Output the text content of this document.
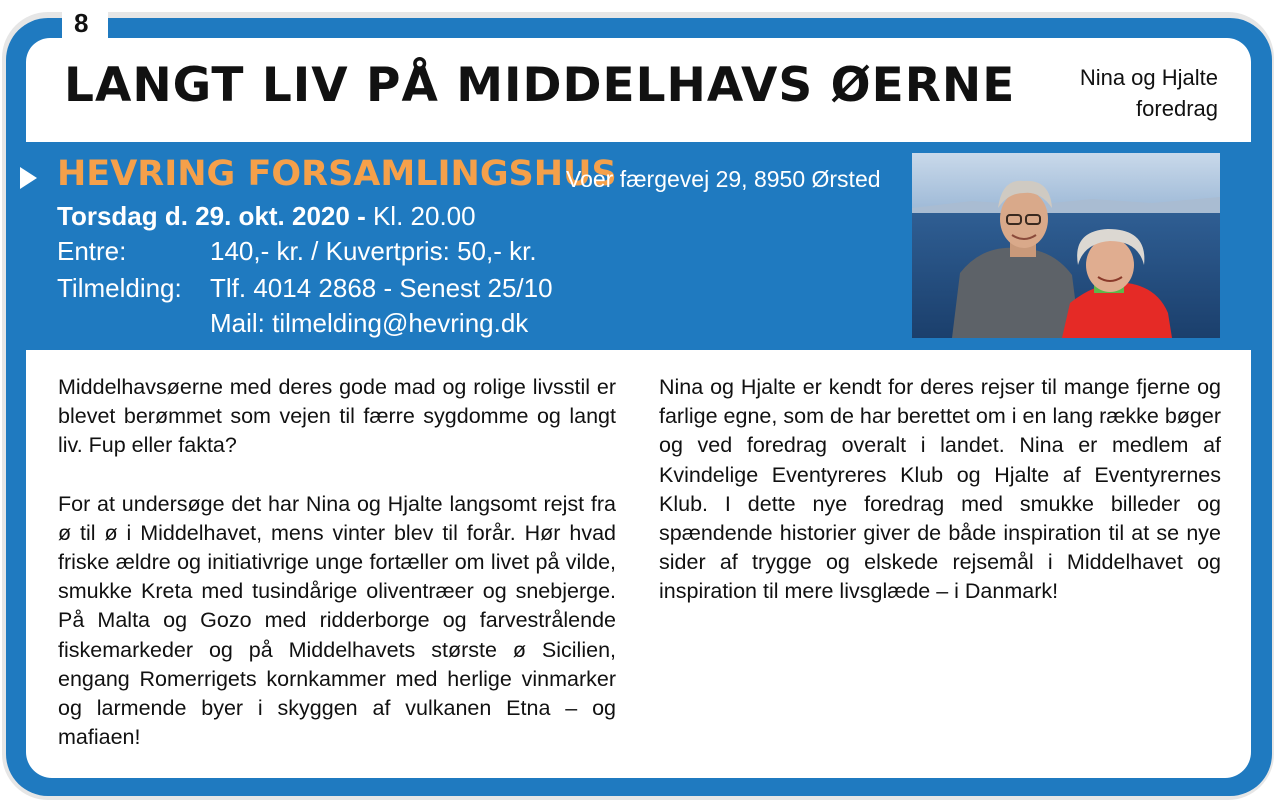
8
LANGT LIV PÅ MIDDELHAVS ØERNE	Nina og Hjalte
foredrag
HEVRING FORSAMLINGSHUS
Voer færgevej 29, 8950 Ørsted
Torsdag d. 29. okt. 2020 - Kl. 20.00
Entre:	140,- kr. / Kuvertpris: 50,- kr.
Tilmelding: Tlf. 4014 2868 - Senest 25/10
Mail: tilmelding@hevring.dk

Middelhavsøerne med deres gode mad og rolige livsstil er blevet berømmet som vejen til færre sygdomme og langt liv. Fup eller fakta?

For at undersøge det har Nina og Hjalte langsomt rejst fra ø til ø i Middelhavet, mens vinter blev til forår. Hør hvad friske ældre og initiativrige unge fortæller om livet på vilde, smukke Kreta med tusindårige oliventræer og snebjerge. På Malta og Gozo med ridderborge og farvestrålende fiskemarkeder og på Middelhavets største ø Sicilien, engang Romerrigets kornkammer med herlige vinmarker og larmende byer i skyggen af vulkanen Etna – og mafiaen!

Nina og Hjalte er kendt for deres rejser til mange fjerne og farlige egne, som de har berettet om i en lang række bøger og ved foredrag overalt i landet. Nina er medlem af Kvindelige Eventyreres Klub og Hjalte af Eventyrernes Klub. I dette nye foredrag med smukke billeder og spændende historier giver de både inspiration til at se nye sider af trygge og elskede rejsemål i Middelhavet og inspiration til mere livsglæde – i Danmark!
